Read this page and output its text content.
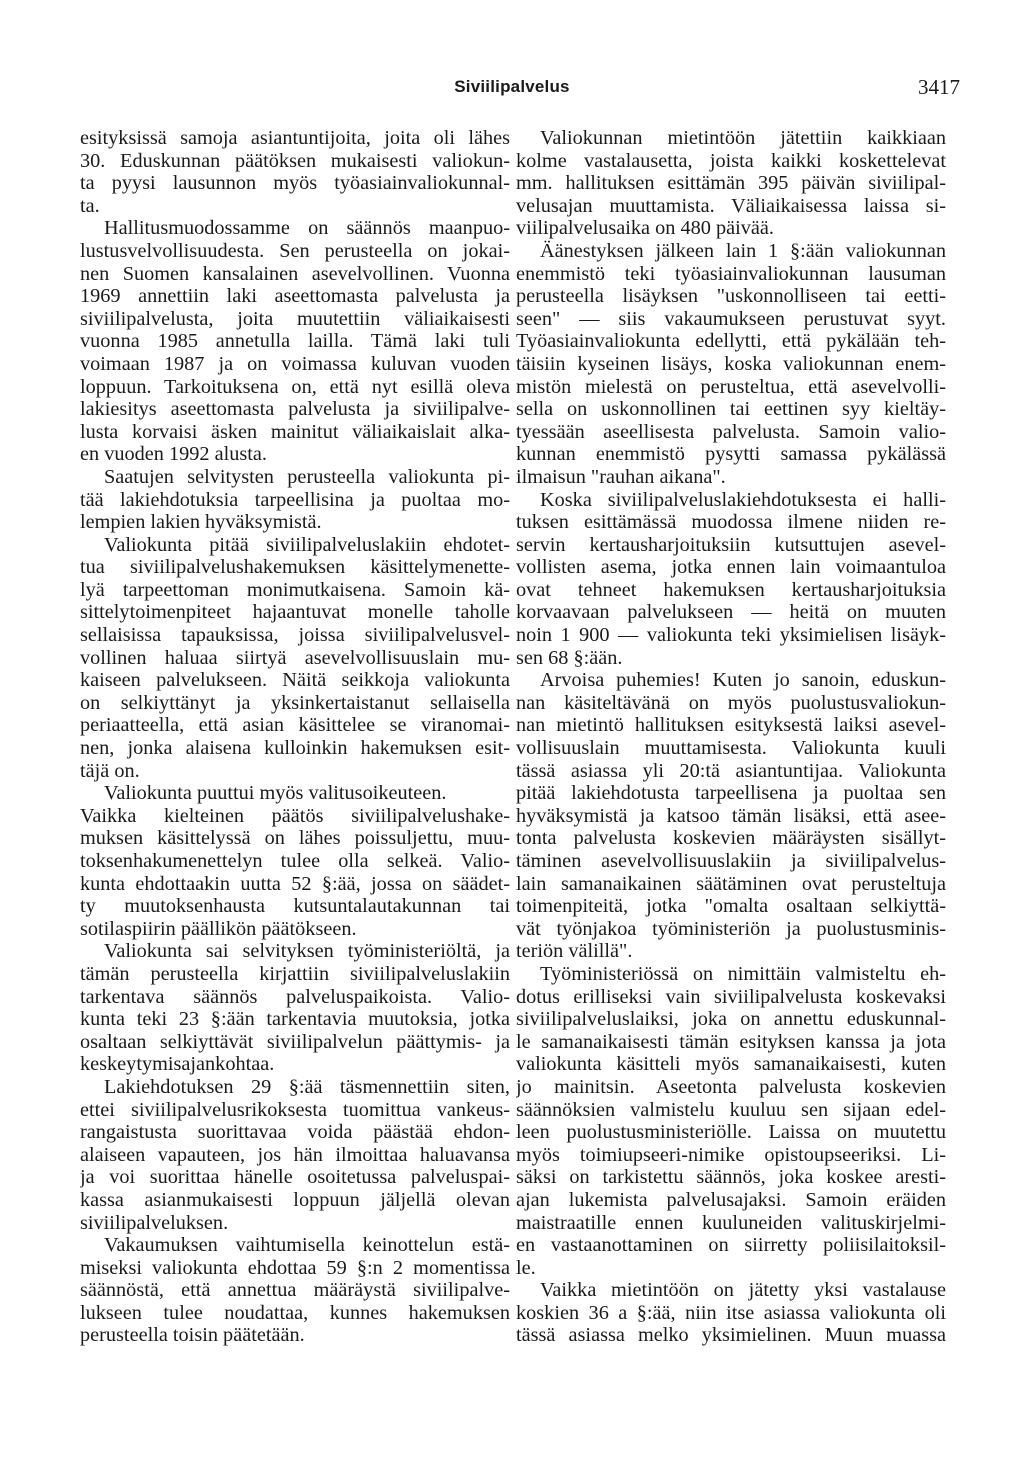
Siviilipalvelus	3417
esityksissä samoja asiantuntijoita, joita oli lähes
30. Eduskunnan päätöksen mukaisesti valiokun-
ta pyysi lausunnon myös työasiainvaliokunnal-
ta.
Hallitusmuodossamme on säännös maanpuo-
lustusvelvollisuudesta. Sen perusteella on jokai-
nen Suomen kansalainen asevelvollinen. Vuonna
1969 annettiin laki aseettomasta palvelusta ja
siviilipalvelusta, joita muutettiin väliaikaisesti
vuonna 1985 annetulla lailla. Tämä laki tuli
voimaan 1987 ja on voimassa kuluvan vuoden
loppuun. Tarkoituksena on, että nyt esillä oleva
lakiesitys aseettomasta palvelusta ja siviilipalve-
lusta korvaisi äsken mainitut väliaikaislait alka-
en vuoden 1992 alusta.
Saatujen selvitysten perusteella valiokunta pi-
tää lakiehdotuksia tarpeellisina ja puoltaa mo-
lempien lakien hyväksymistä.
Valiokunta pitää siviilipalveluslakiin ehdotet-
tua siviilipalvelushakemuksen käsittelymenette-
lyä tarpeettoman monimutkaisena. Samoin kä-
sittelytoimenpiteet hajaantuvat monelle taholle
sellaisissa tapauksissa, joissa siviilipalvelusvel-
vollinen haluaa siirtyä asevelvollisuuslain mu-
kaiseen palvelukseen. Näitä seikkoja valiokunta
on selkiyttänyt ja yksinkertaistanut sellaisella
periaatteella, että asian käsittelee se viranomai-
nen, jonka alaisena kulloinkin hakemuksen esit-
täjä on.
Valiokunta puuttui myös valitusoikeuteen.
Vaikka kielteinen päätös siviilipalvelushake-
muksen käsittelyssä on lähes poissuljettu, muu-
toksenhakumenettelyn tulee olla selkeä. Valio-
kunta ehdottaakin uutta 52 §:ää, jossa on säädet-
ty muutoksenhausta kutsuntalautakunnan tai
sotilaspiirin päällikön päätökseen.
Valiokunta sai selvityksen työministeriöltä, ja
tämän perusteella kirjattiin siviilipalveluslakiin
tarkentava säännös palveluspaikoista. Valio-
kunta teki 23 §:ään tarkentavia muutoksia, jotka
osaltaan selkiyttävät siviilipalvelun päättymis- ja
keskeytymisajankohtaa.
Lakiehdotuksen 29 §:ää täsmennettiin siten,
ettei siviilipalvelusrikoksesta tuomittua vankeus-
rangaistusta suorittavaa voida päästää ehdon-
alaiseen vapauteen, jos hän ilmoittaa haluavansa
ja voi suorittaa hänelle osoitetussa palveluspai-
kassa asianmukaisesti loppuun jäljellä olevan
siviilipalveluksen.
Vakaumuksen vaihtumisella keinottelun estä-
miseksi valiokunta ehdottaa 59 §:n 2 momentissa
säännöstä, että annettua määräystä siviilipalve-
lukseen tulee noudattaa, kunnes hakemuksen
perusteella toisin päätetään.
Valiokunnan mietintöön jätettiin kaikkiaan
kolme vastalausetta, joista kaikki koskettelevat
mm. hallituksen esittämän 395 päivän siviilipal-
velusajan muuttamista. Väliaikaisessa laissa si-
viilipalvelusaika on 480 päivää.
Äänestyksen jälkeen lain 1 §:ään valiokunnan
enemmistö teki työasiainvaliokunnan lausuman
perusteella lisäyksen "uskonnolliseen tai eetti-
seen" — siis vakaumukseen perustuvat syyt.
Työasiainvaliokunta edellytti, että pykälään teh-
täisiin kyseinen lisäys, koska valiokunnan enem-
mistön mielestä on perusteltua, että asevelvolli-
sella on uskonnollinen tai eettinen syy kieltäy-
tyessään aseellisesta palvelusta. Samoin valio-
kunnan enemmistö pysytti samassa pykälässä
ilmaisun "rauhan aikana".
Koska siviilipalveluslakiehdotuksesta ei halli-
tuksen esittämässä muodossa ilmene niiden re-
servin kertausharjoituksiin kutsuttujen asevel-
vollisten asema, jotka ennen lain voimaantuloa
ovat tehneet hakemuksen kertausharjoituksia
korvaavaan palvelukseen — heitä on muuten
noin 1 900 — valiokunta teki yksimielisen lisäyk-
sen 68 §:ään.
Arvoisa puhemies! Kuten jo sanoin, eduskun-
nan käsiteltävänä on myös puolustusvaliokun-
nan mietintö hallituksen esityksestä laiksi asevel-
vollisuuslain muuttamisesta. Valiokunta kuuli
tässä asiassa yli 20:tä asiantuntijaa. Valiokunta
pitää lakiehdotusta tarpeellisena ja puoltaa sen
hyväksymistä ja katsoo tämän lisäksi, että asee-
tonta palvelusta koskevien määräysten sisällyt-
täminen asevelvollisuuslakiin ja siviilipalvelus-
lain samanaikainen säätäminen ovat perusteltuja
toimenpiteitä, jotka "omalta osaltaan selkiyttä-
vät työnjakoa työministeriön ja puolustusminis-
teriön välillä".
Työministeriössä on nimittäin valmisteltu eh-
dotus erilliseksi vain siviilipalvelusta koskevaksi
siviilipalveluslaiksi, joka on annettu eduskunnal-
le samanaikaisesti tämän esityksen kanssa ja jota
valiokunta käsitteli myös samanaikaisesti, kuten
jo mainitsin. Aseetonta palvelusta koskevien
säännöksien valmistelu kuuluu sen sijaan edel-
leen puolustusministeriölle. Laissa on muutettu
myös toimiupseeri-nimike opistoupseeriksi. Li-
säksi on tarkistettu säännös, joka koskee aresti-
ajan lukemista palvelusajaksi. Samoin eräiden
maistraatille ennen kuuluneiden valituskirjelmi-
en vastaanottaminen on siirretty poliisilaitoksil-
le.
Vaikka mietintöön on jätetty yksi vastalause
koskien 36 a §:ää, niin itse asiassa valiokunta oli
tässä asiassa melko yksimielinen. Muun muassa
